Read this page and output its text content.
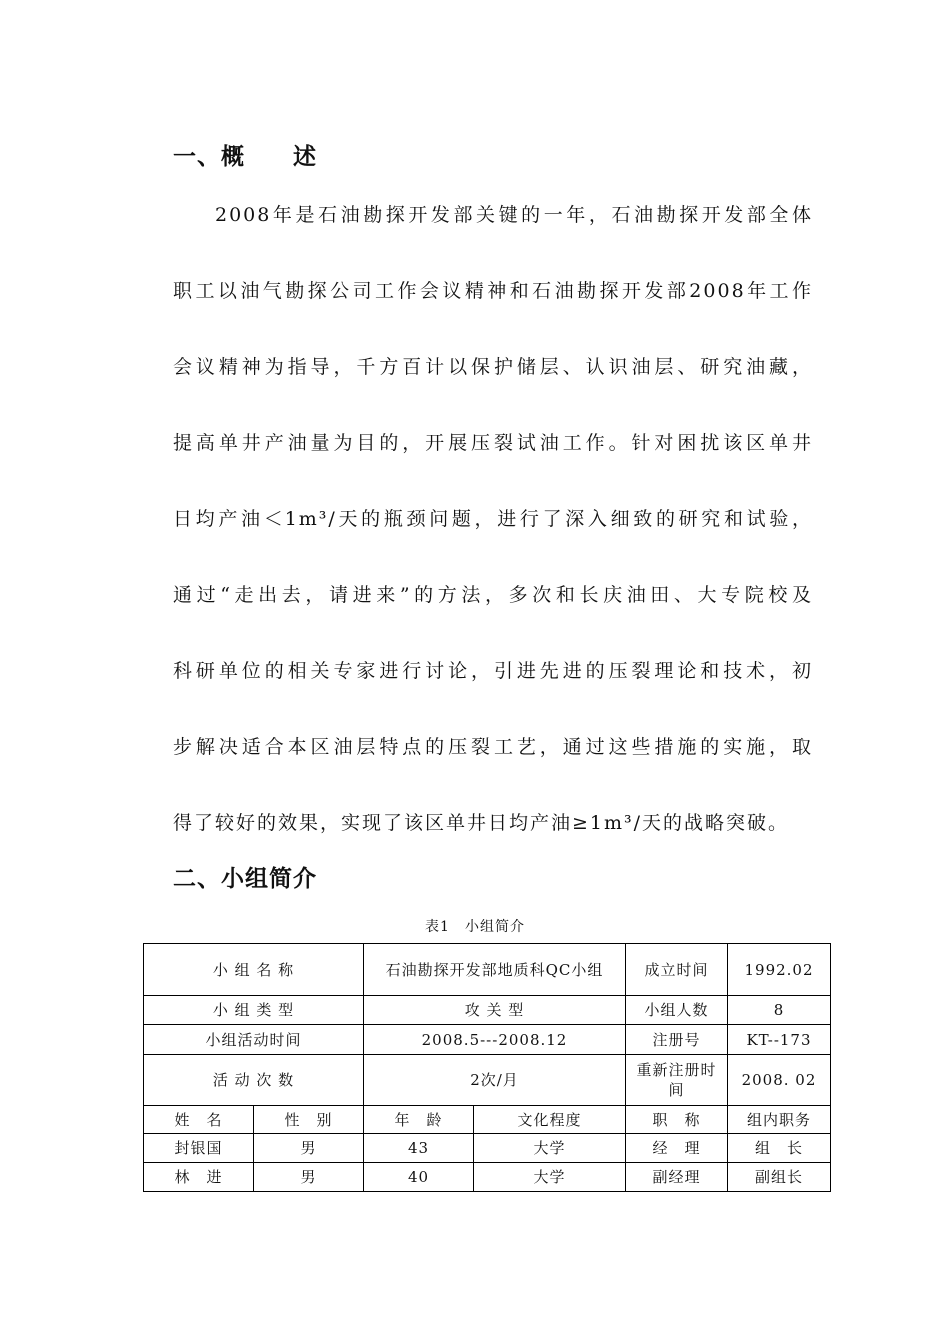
一、概　　述
2008年是石油勘探开发部关键的一年，石油勘探开发部全体
职工以油气勘探公司工作会议精神和石油勘探开发部2008年工作
会议精神为指导，千方百计以保护储层、认识油层、研究油藏，
提高单井产油量为目的，开展压裂试油工作。针对困扰该区单井
日均产油＜1m³/天的瓶颈问题，进行了深入细致的研究和试验，
通过“走出去，请进来”的方法，多次和长庆油田、大专院校及
科研单位的相关专家进行讨论，引进先进的压裂理论和技术，初
步解决适合本区油层特点的压裂工艺，通过这些措施的实施，取
得了较好的效果，实现了该区单井日均产油≥1m³/天的战略突破。
二、小组简介
表1　小组简介
小 组 名 称		石油勘探开发部地质科QC小组		成立时间	1992.02
小 组 类 型		攻 关 型		小组人数	8
小组活动时间		2008.5---2008.12		注册号	KT--173
活 动 次 数		2次/月		重新注册时间	2008. 02
姓　名	性　别	年　龄	文化程度	职　称	组内职务
封银国	男	43	大学	经　理	组　长
林　进	男	40	大学	副经理	副组长
